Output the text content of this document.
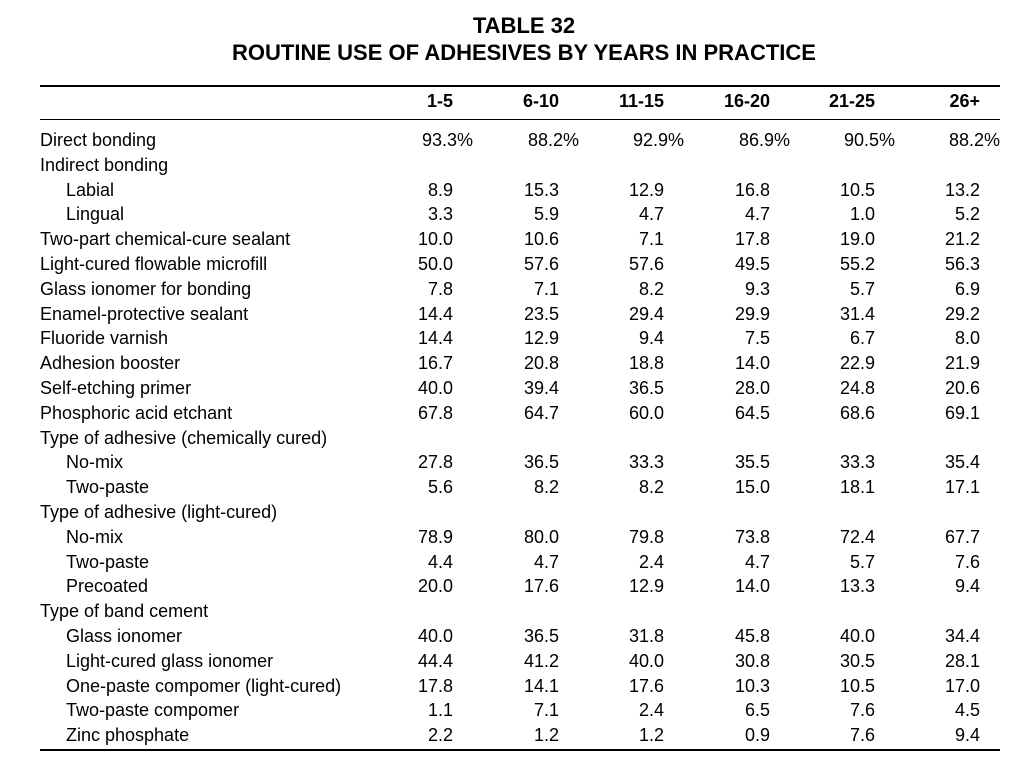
TABLE 32
ROUTINE USE OF ADHESIVES BY YEARS IN PRACTICE
1-5	6-10	11-15	16-20	21-25	26+
Direct bonding	93.3%	88.2%	92.9%	86.9%	90.5%	88.2%
Indirect bonding
Labial	8.9	15.3	12.9	16.8	10.5	13.2
Lingual	3.3	5.9	4.7	4.7	1.0	5.2
Two-part chemical-cure sealant	10.0	10.6	7.1	17.8	19.0	21.2
Light-cured flowable microfill	50.0	57.6	57.6	49.5	55.2	56.3
Glass ionomer for bonding	7.8	7.1	8.2	9.3	5.7	6.9
Enamel-protective sealant	14.4	23.5	29.4	29.9	31.4	29.2
Fluoride varnish	14.4	12.9	9.4	7.5	6.7	8.0
Adhesion booster	16.7	20.8	18.8	14.0	22.9	21.9
Self-etching primer	40.0	39.4	36.5	28.0	24.8	20.6
Phosphoric acid etchant	67.8	64.7	60.0	64.5	68.6	69.1
Type of adhesive (chemically cured)
No-mix	27.8	36.5	33.3	35.5	33.3	35.4
Two-paste	5.6	8.2	8.2	15.0	18.1	17.1
Type of adhesive (light-cured)
No-mix	78.9	80.0	79.8	73.8	72.4	67.7
Two-paste	4.4	4.7	2.4	4.7	5.7	7.6
Precoated	20.0	17.6	12.9	14.0	13.3	9.4
Type of band cement
Glass ionomer	40.0	36.5	31.8	45.8	40.0	34.4
Light-cured glass ionomer	44.4	41.2	40.0	30.8	30.5	28.1
One-paste compomer (light-cured)	17.8	14.1	17.6	10.3	10.5	17.0
Two-paste compomer	1.1	7.1	2.4	6.5	7.6	4.5
Zinc phosphate	2.2	1.2	1.2	0.9	7.6	9.4
